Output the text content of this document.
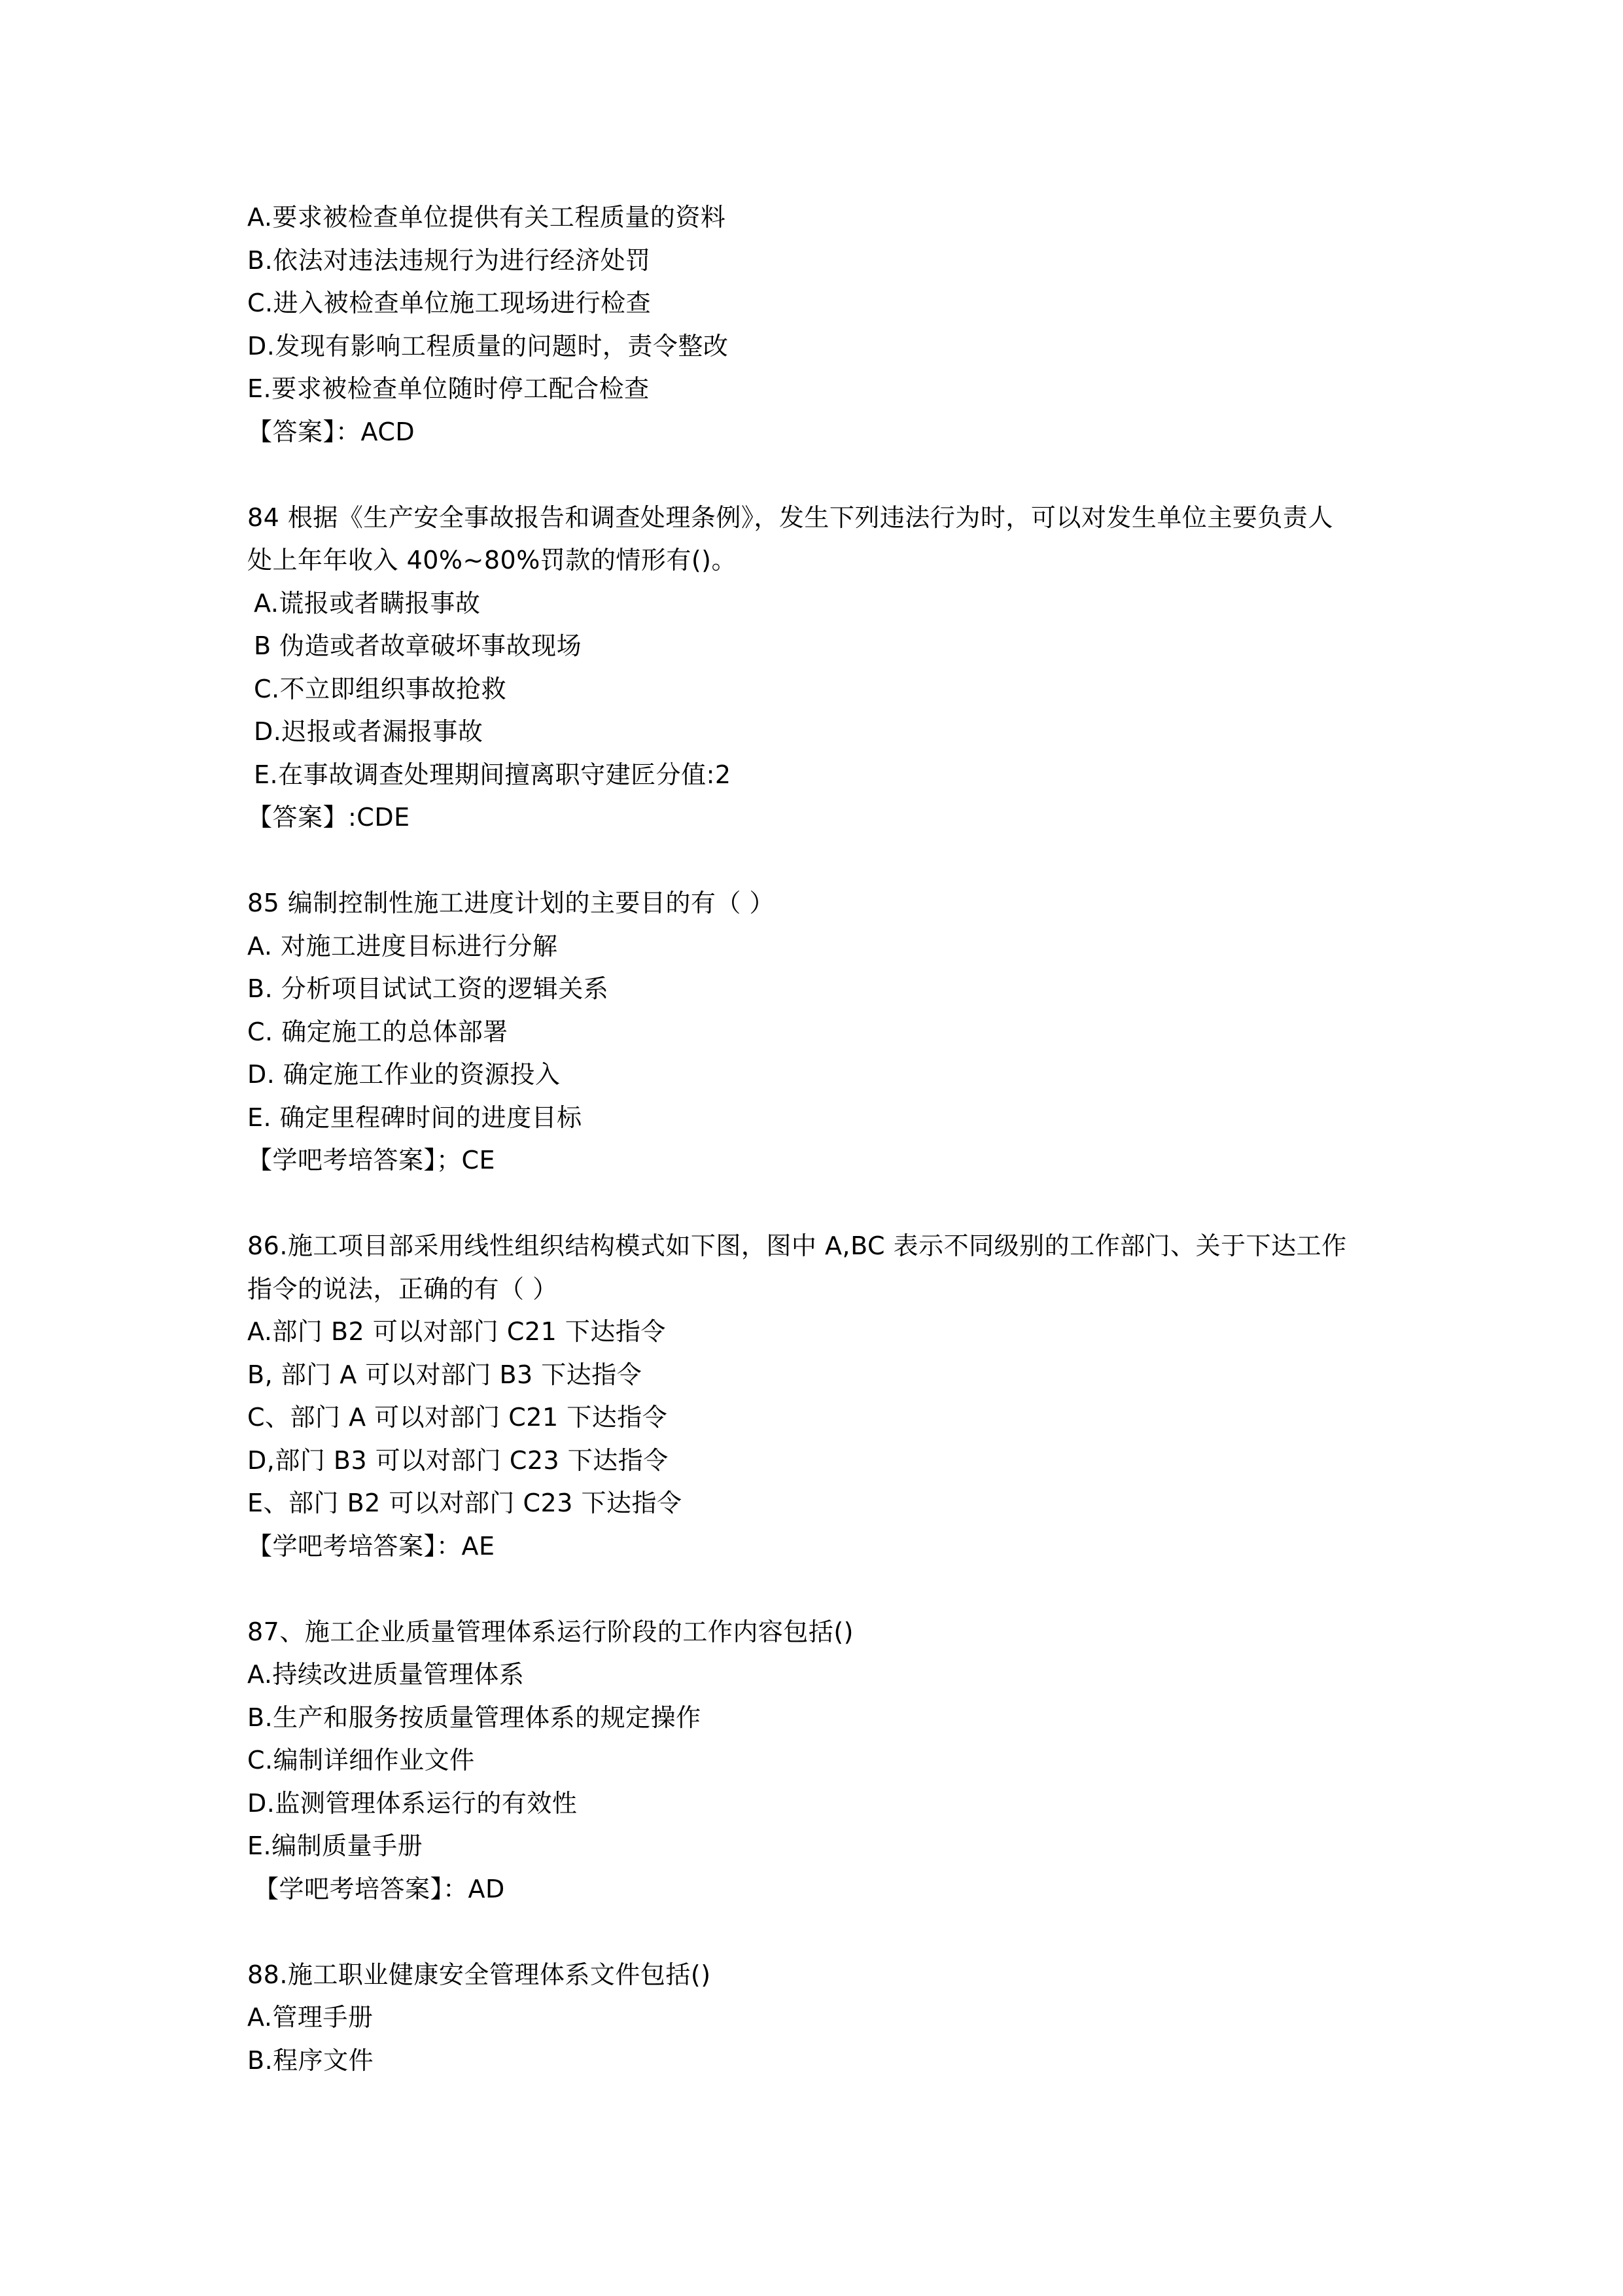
A.要求被检查单位提供有关工程质量的资料
B.依法对违法违规行为进行经济处罚
C.进入被检查单位施工现场进行检查
D.发现有影响工程质量的问题时，责令整改
E.要求被检查单位随时停工配合检查
【答案】：ACD
84 根据《生产安全事故报告和调查处理条例》，发生下列违法行为时，可以对发生单位主要负责人
处上年年收入 40%~80%罚款的情形有()。
A.谎报或者瞒报事故
B 伪造或者故章破坏事故现场
C.不立即组织事故抢救
D.迟报或者漏报事故
E.在事故调查处理期间擅离职守建匠分值:2
【答案】:CDE
85 编制控制性施工进度计划的主要目的有（ ）
A. 对施工进度目标进行分解
B. 分析项目试试工资的逻辑关系
C. 确定施工的总体部署
D. 确定施工作业的资源投入
E. 确定里程碑时间的进度目标
【学吧考培答案】；CE
86.施工项目部采用线性组织结构模式如下图，图中 A,BC 表示不同级别的工作部门、关于下达工作
指令的说法，正确的有（ ）
A.部门 B2 可以对部门 C21 下达指令
B, 部门 A 可以对部门 B3 下达指令
C、部门 A 可以对部门 C21 下达指令
D,部门 B3 可以对部门 C23 下达指令
E、部门 B2 可以对部门 C23 下达指令
【学吧考培答案】：AE
87、施工企业质量管理体系运行阶段的工作内容包括()
A.持续改进质量管理体系
B.生产和服务按质量管理体系的规定操作
C.编制详细作业文件
D.监测管理体系运行的有效性
E.编制质量手册
【学吧考培答案】：AD
88.施工职业健康安全管理体系文件包括()
A.管理手册
B.程序文件
